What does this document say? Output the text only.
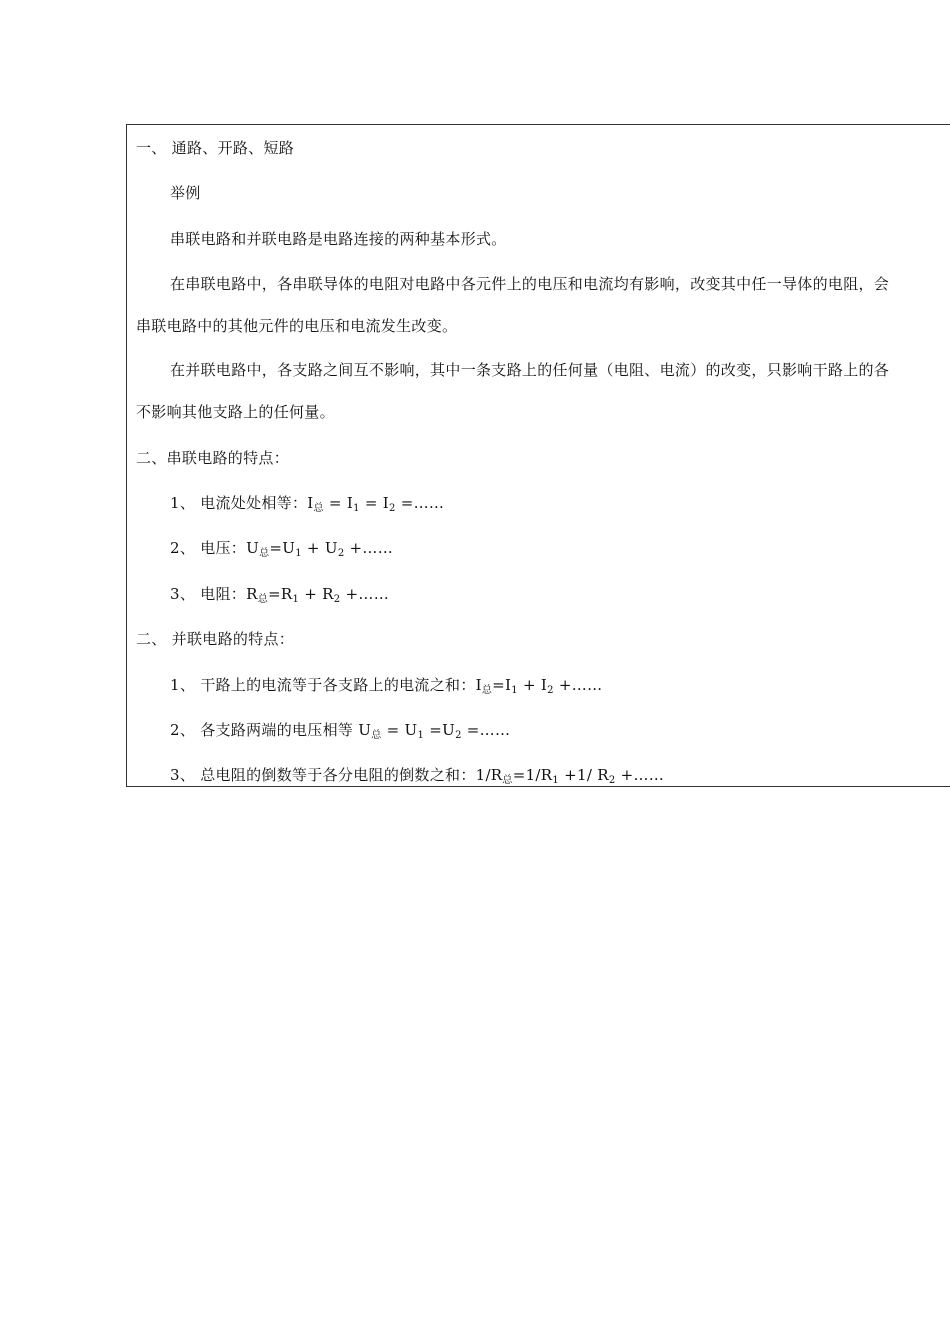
一、 通路、开路、短路
举例
串联电路和并联电路是电路连接的两种基本形式。
在串联电路中，各串联导体的电阻对电路中各元件上的电压和电流均有影响，改变其中任一导体的电阻，会
串联电路中的其他元件的电压和电流发生改变。
在并联电路中，各支路之间互不影响，其中一条支路上的任何量（电阻、电流）的改变，只影响干路上的各
不影响其他支路上的任何量。
二、串联电路的特点：
1、 电流处处相等：$I_总 = I_1 = I_2$ =……
2、 电压：$U_总=U_1 + U_2$ +……
3、 电阻：$R_总=R_1 + R_2$ +……
二、 并联电路的特点：
1、 干路上的电流等于各支路上的电流之和：$I_总=I_1 + I_2$ +……
2、 各支路两端的电压相等 $U_总 = U_1 =U_2$ =……
3、 总电阻的倒数等于各分电阻的倒数之和：$1/R_总=1/R_1 +1/$ $R_2$ +……
